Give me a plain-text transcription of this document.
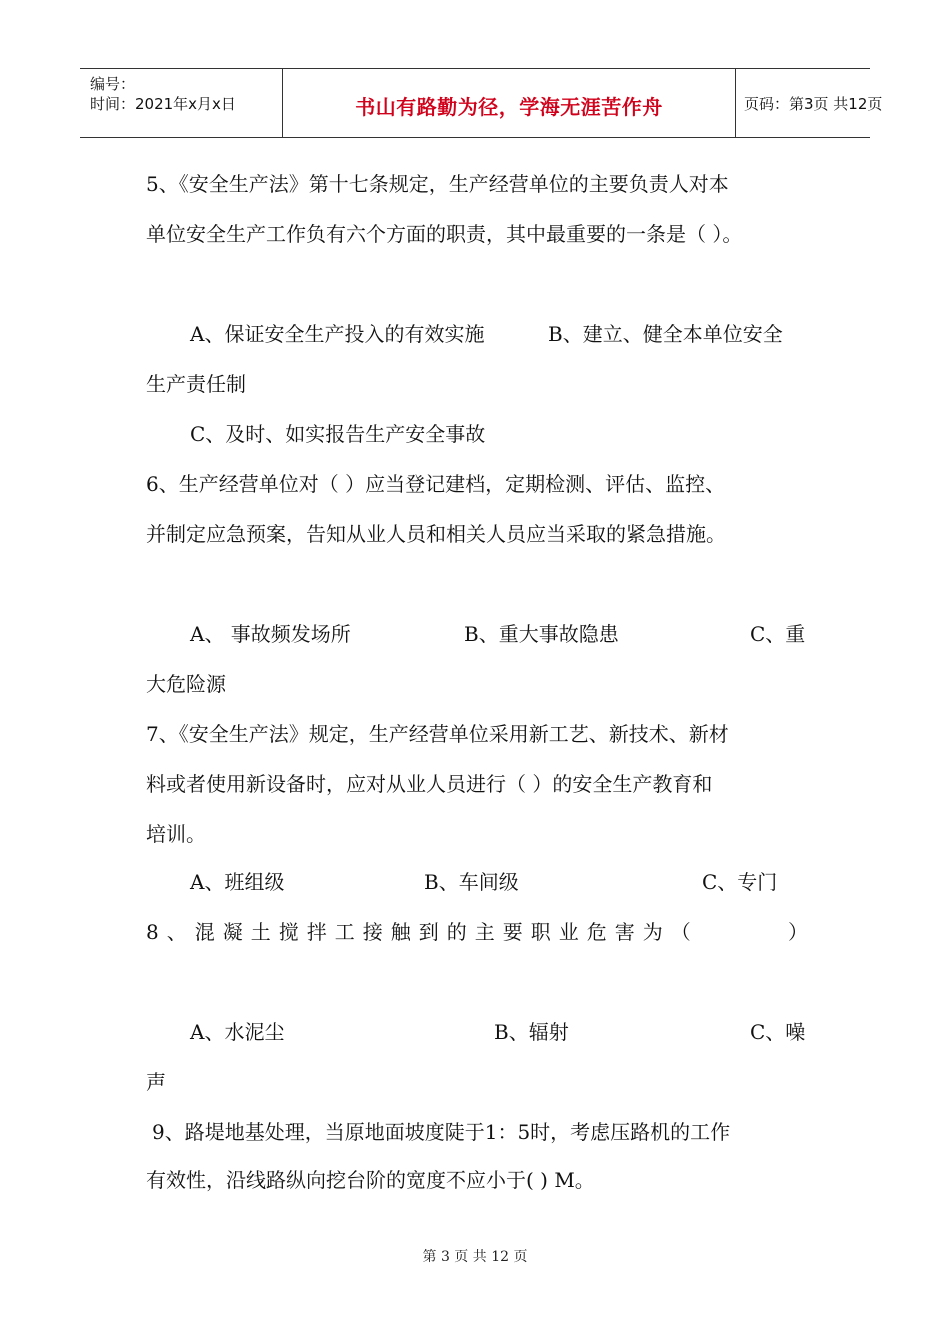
编号：
时间：2021年x月x日	书山有路勤为径，学海无涯苦作舟	页码：第3页 共12页
5、《安全生产法》第十七条规定，生产经营单位的主要负责人对本
单位安全生产工作负有六个方面的职责，其中最重要的一条是（ ）。
A、保证安全生产投入的有效实施	B、建立、健全本单位安全
生产责任制
C、及时、如实报告生产安全事故
6、生产经营单位对（ ）应当登记建档，定期检测、评估、监控、
并制定应急预案，告知从业人员和相关人员应当采取的紧急措施。
A、 事故频发场所	B、重大事故隐患	C、重
大危险源
7、《安全生产法》规定，生产经营单位采用新工艺、新技术、新材
料或者使用新设备时，应对从业人员进行（ ）的安全生产教育和
培训。
A、班组级	B、车间级	C、专门
8、混凝土搅拌工接触到的主要职业危害为（	）
A、水泥尘	B、辐射	C、噪
声
9、路堤地基处理，当原地面坡度陡于1：5时，考虑压路机的工作
有效性，沿线路纵向挖台阶的宽度不应小于( ) M。
第 3 页 共 12 页
